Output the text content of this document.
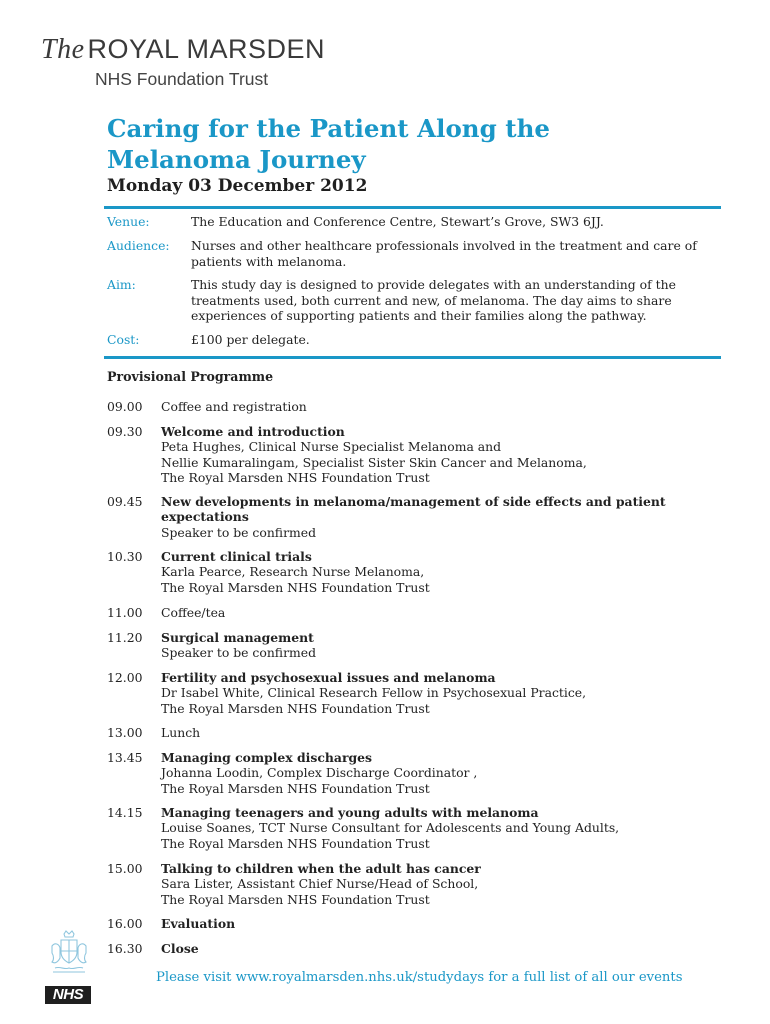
The ROYAL MARSDEN
NHS Foundation Trust
Caring for the Patient Along the
Melanoma Journey
Monday 03 December 2012
Venue:	The Education and Conference Centre, Stewart’s Grove, SW3 6JJ.
Audience: Nurses and other healthcare professionals involved in the treatment and care of
patients with melanoma.
Aim:	This study day is designed to provide delegates with an understanding of the
treatments used, both current and new, of melanoma. The day aims to share
experiences of supporting patients and their families along the pathway.
Cost:	£100 per delegate.
Provisional Programme
09.00 Coffee and registration
09.30 Welcome and introduction
Peta Hughes, Clinical Nurse Specialist Melanoma and
Nellie Kumaralingam, Specialist Sister Skin Cancer and Melanoma,
The Royal Marsden NHS Foundation Trust
09.45 New developments in melanoma/management of side effects and patient expectations
Speaker to be confirmed
10.30 Current clinical trials
Karla Pearce, Research Nurse Melanoma,
The Royal Marsden NHS Foundation Trust
11.00 Coffee/tea
11.20 Surgical management
Speaker to be confirmed
12.00 Fertility and psychosexual issues and melanoma
Dr Isabel White, Clinical Research Fellow in Psychosexual Practice,
The Royal Marsden NHS Foundation Trust
13.00 Lunch
13.45 Managing complex discharges
Johanna Loodin, Complex Discharge Coordinator ,
The Royal Marsden NHS Foundation Trust
14.15 Managing teenagers and young adults with melanoma
Louise Soanes, TCT Nurse Consultant for Adolescents and Young Adults,
The Royal Marsden NHS Foundation Trust
15.00 Talking to children when the adult has cancer
Sara Lister, Assistant Chief Nurse/Head of School,
The Royal Marsden NHS Foundation Trust
16.00 Evaluation
16.30 Close
Please visit www.royalmarsden.nhs.uk/studydays for a full list of all our events
NHS
